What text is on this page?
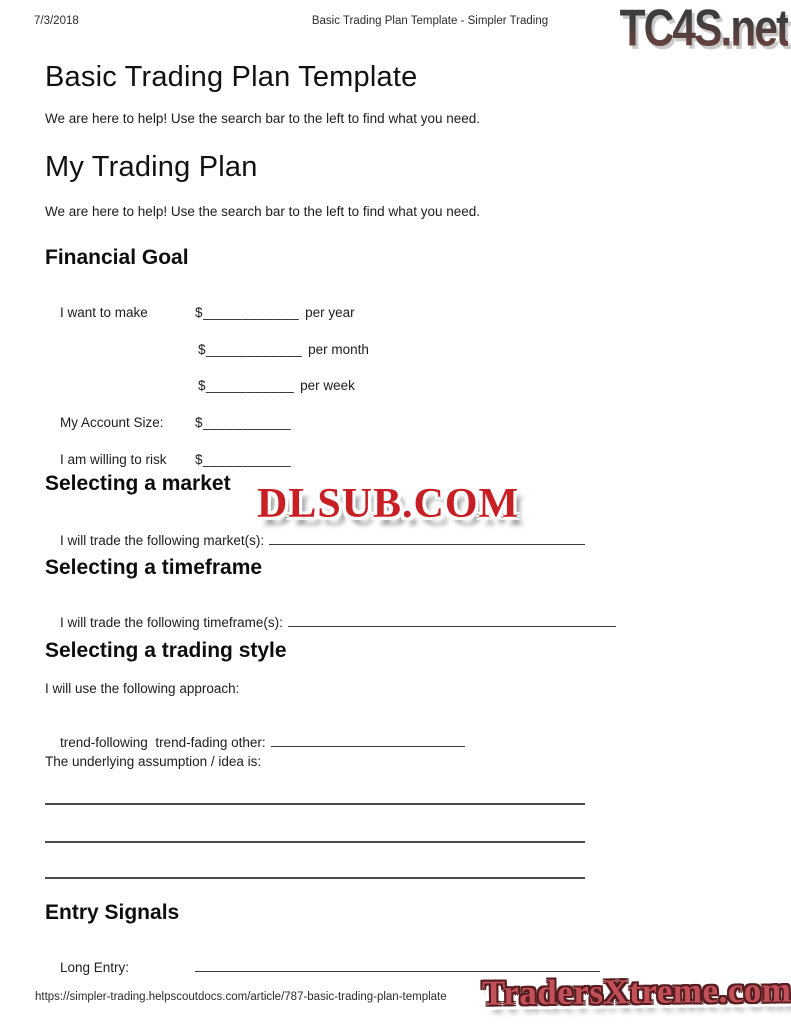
7/3/2018	Basic Trading Plan Template - Simpler Trading	TC4S.net
Basic Trading Plan Template

We are here to help! Use the search bar to the left to find what you need.

My Trading Plan

We are here to help! Use the search bar to the left to find what you need.

Financial Goal

I want to make	$____________ per year

$____________ per month

$___________ per week

My Account Size: $___________

I am willing to risk $___________

Selecting a market

I will trade the following market(s):

DLSUB.COM
Selecting a timeframe

I will trade the following timeframe(s):

Selecting a trading style

I will use the following approach:

trend-following  trend-fading other:

The underlying assumption / idea is:

Entry Signals

Long Entry:

https://simpler-trading.helpscoutdocs.com/article/787-basic-trading-plan-template TradersXtreme.com
